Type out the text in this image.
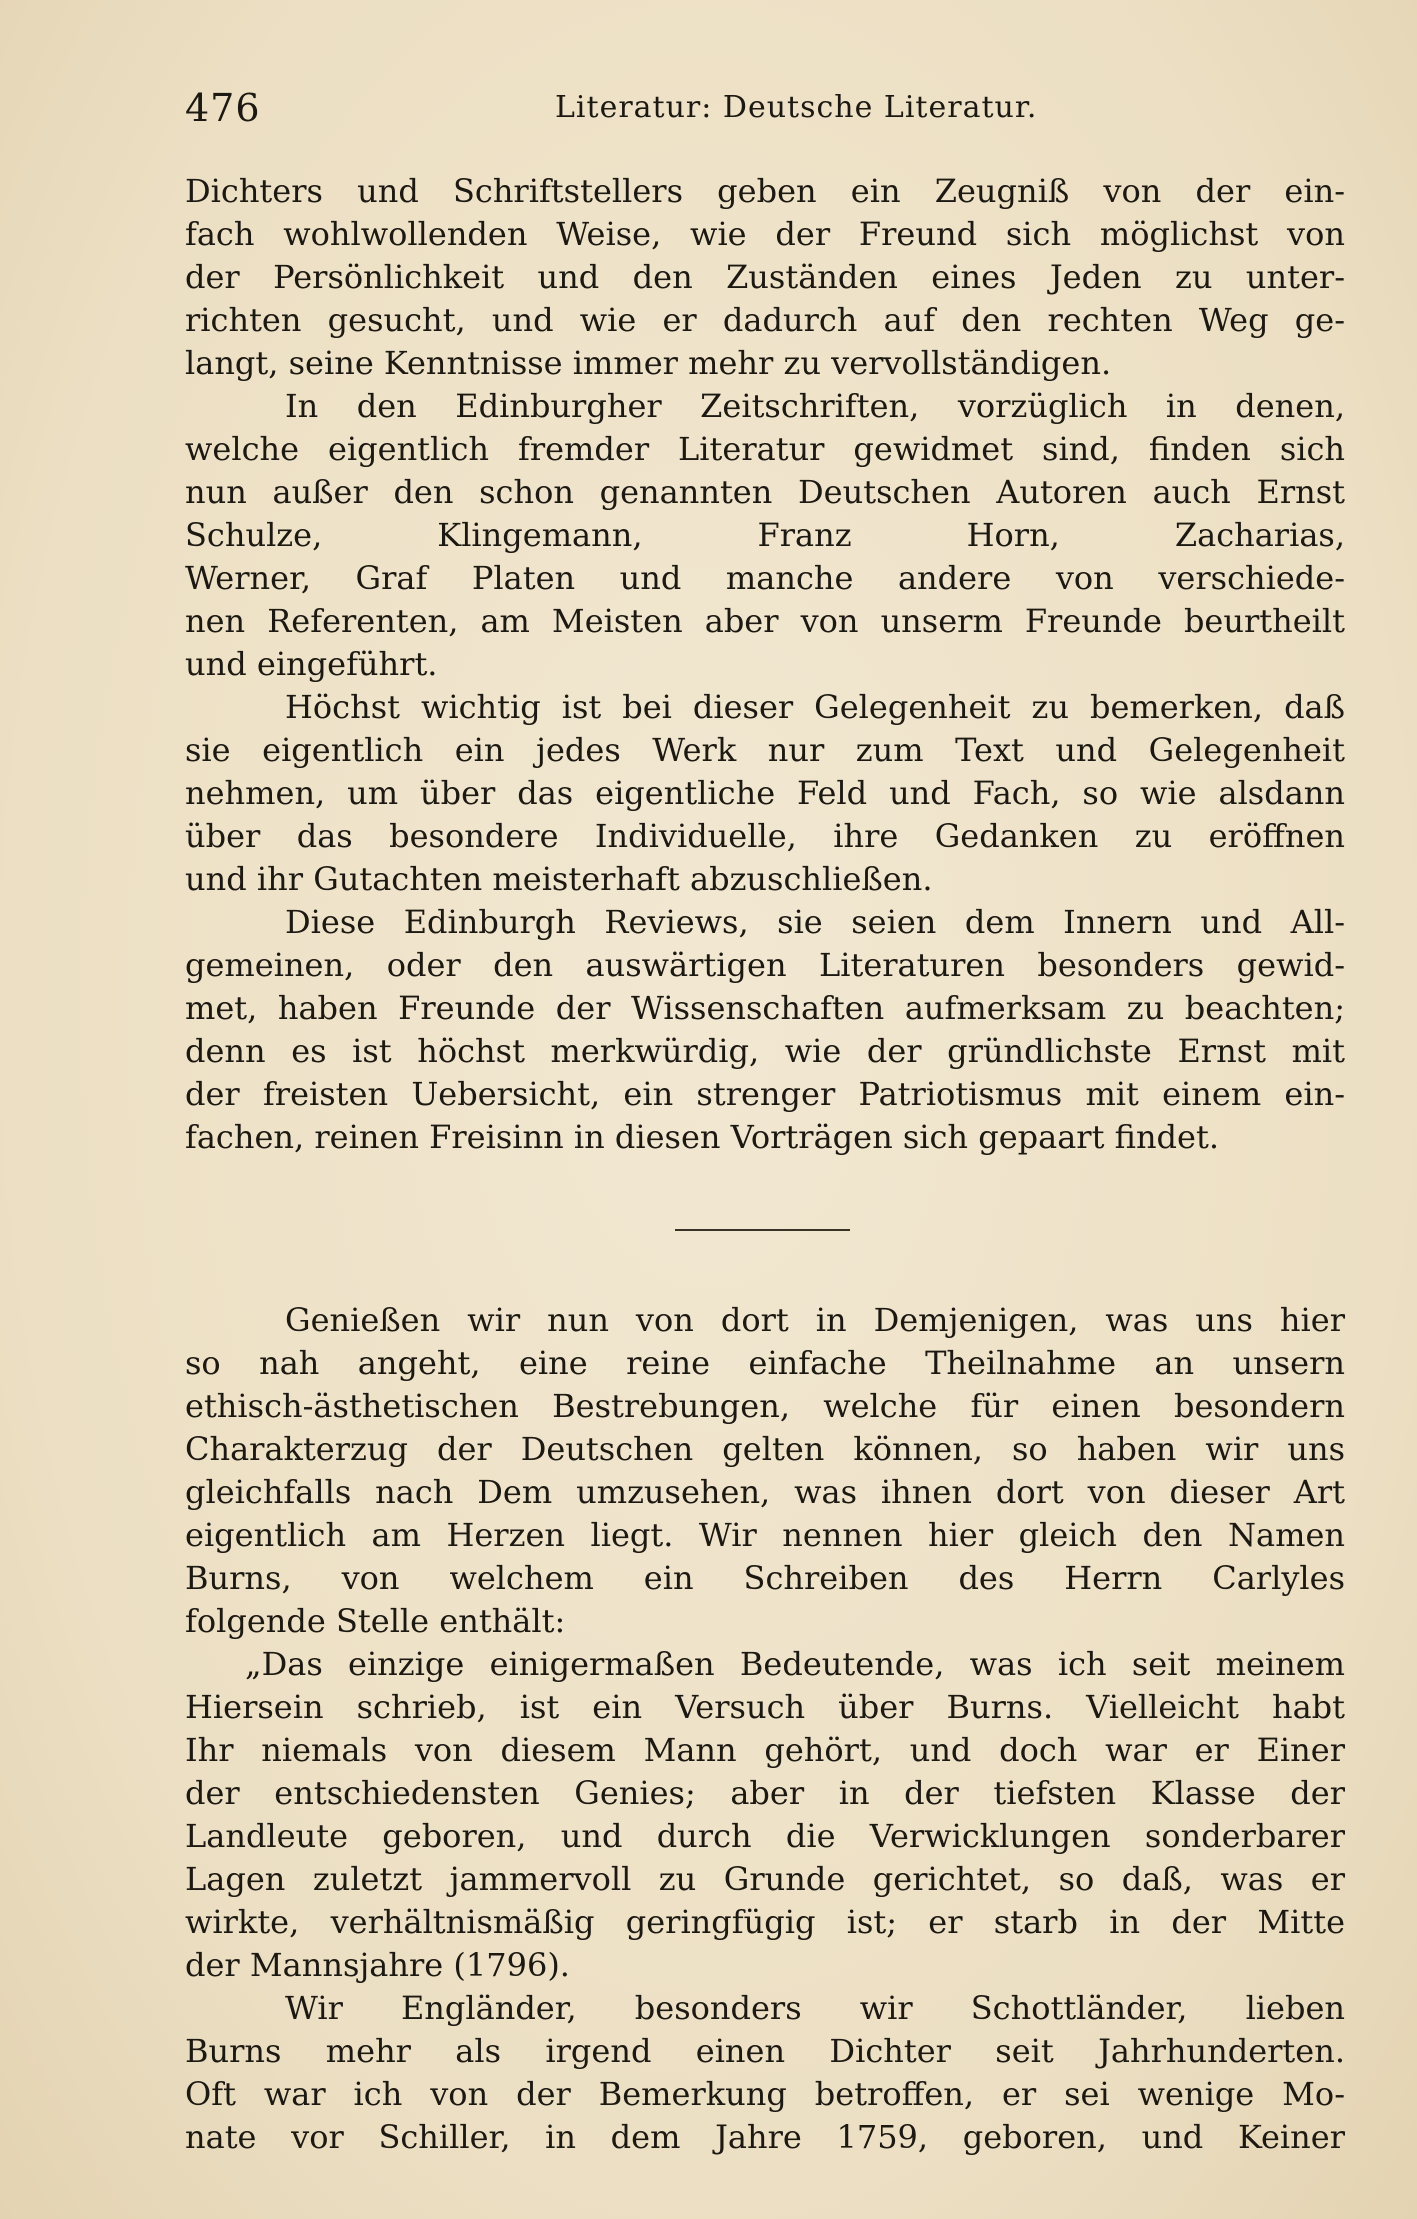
476	Literatur: Deutsche Literatur.
Dichters und Schriftstellers geben ein Zeugniß von der ein-
fach wohlwollenden Weise, wie der Freund sich möglichst von
der Persönlichkeit und den Zuständen eines Jeden zu unter-
richten gesucht, und wie er dadurch auf den rechten Weg ge-
langt, seine Kenntnisse immer mehr zu vervollständigen.
In den Edinburgher Zeitschriften, vorzüglich in denen,
welche eigentlich fremder Literatur gewidmet sind, finden sich
nun außer den schon genannten Deutschen Autoren auch Ernst
Schulze, Klingemann, Franz Horn, Zacharias,
Werner, Graf Platen und manche andere von verschiede-
nen Referenten, am Meisten aber von unserm Freunde beurtheilt
und eingeführt.
Höchst wichtig ist bei dieser Gelegenheit zu bemerken, daß
sie eigentlich ein jedes Werk nur zum Text und Gelegenheit
nehmen, um über das eigentliche Feld und Fach, so wie alsdann
über das besondere Individuelle, ihre Gedanken zu eröffnen
und ihr Gutachten meisterhaft abzuschließen.
Diese Edinburgh Reviews, sie seien dem Innern und All-
gemeinen, oder den auswärtigen Literaturen besonders gewid-
met, haben Freunde der Wissenschaften aufmerksam zu beachten;
denn es ist höchst merkwürdig, wie der gründlichste Ernst mit
der freisten Uebersicht, ein strenger Patriotismus mit einem ein-
fachen, reinen Freisinn in diesen Vorträgen sich gepaart findet.
Genießen wir nun von dort in Demjenigen, was uns hier
so nah angeht, eine reine einfache Theilnahme an unsern
ethisch-ästhetischen Bestrebungen, welche für einen besondern
Charakterzug der Deutschen gelten können, so haben wir uns
gleichfalls nach Dem umzusehen, was ihnen dort von dieser Art
eigentlich am Herzen liegt. Wir nennen hier gleich den Namen
Burns, von welchem ein Schreiben des Herrn Carlyles
folgende Stelle enthält:
„Das einzige einigermaßen Bedeutende, was ich seit meinem
Hiersein schrieb, ist ein Versuch über Burns. Vielleicht habt
Ihr niemals von diesem Mann gehört, und doch war er Einer
der entschiedensten Genies; aber in der tiefsten Klasse der
Landleute geboren, und durch die Verwicklungen sonderbarer
Lagen zuletzt jammervoll zu Grunde gerichtet, so daß, was er
wirkte, verhältnismäßig geringfügig ist; er starb in der Mitte
der Mannsjahre (1796).
Wir Engländer, besonders wir Schottländer, lieben
Burns mehr als irgend einen Dichter seit Jahrhunderten.
Oft war ich von der Bemerkung betroffen, er sei wenige Mo-
nate vor Schiller, in dem Jahre 1759, geboren, und Keiner
